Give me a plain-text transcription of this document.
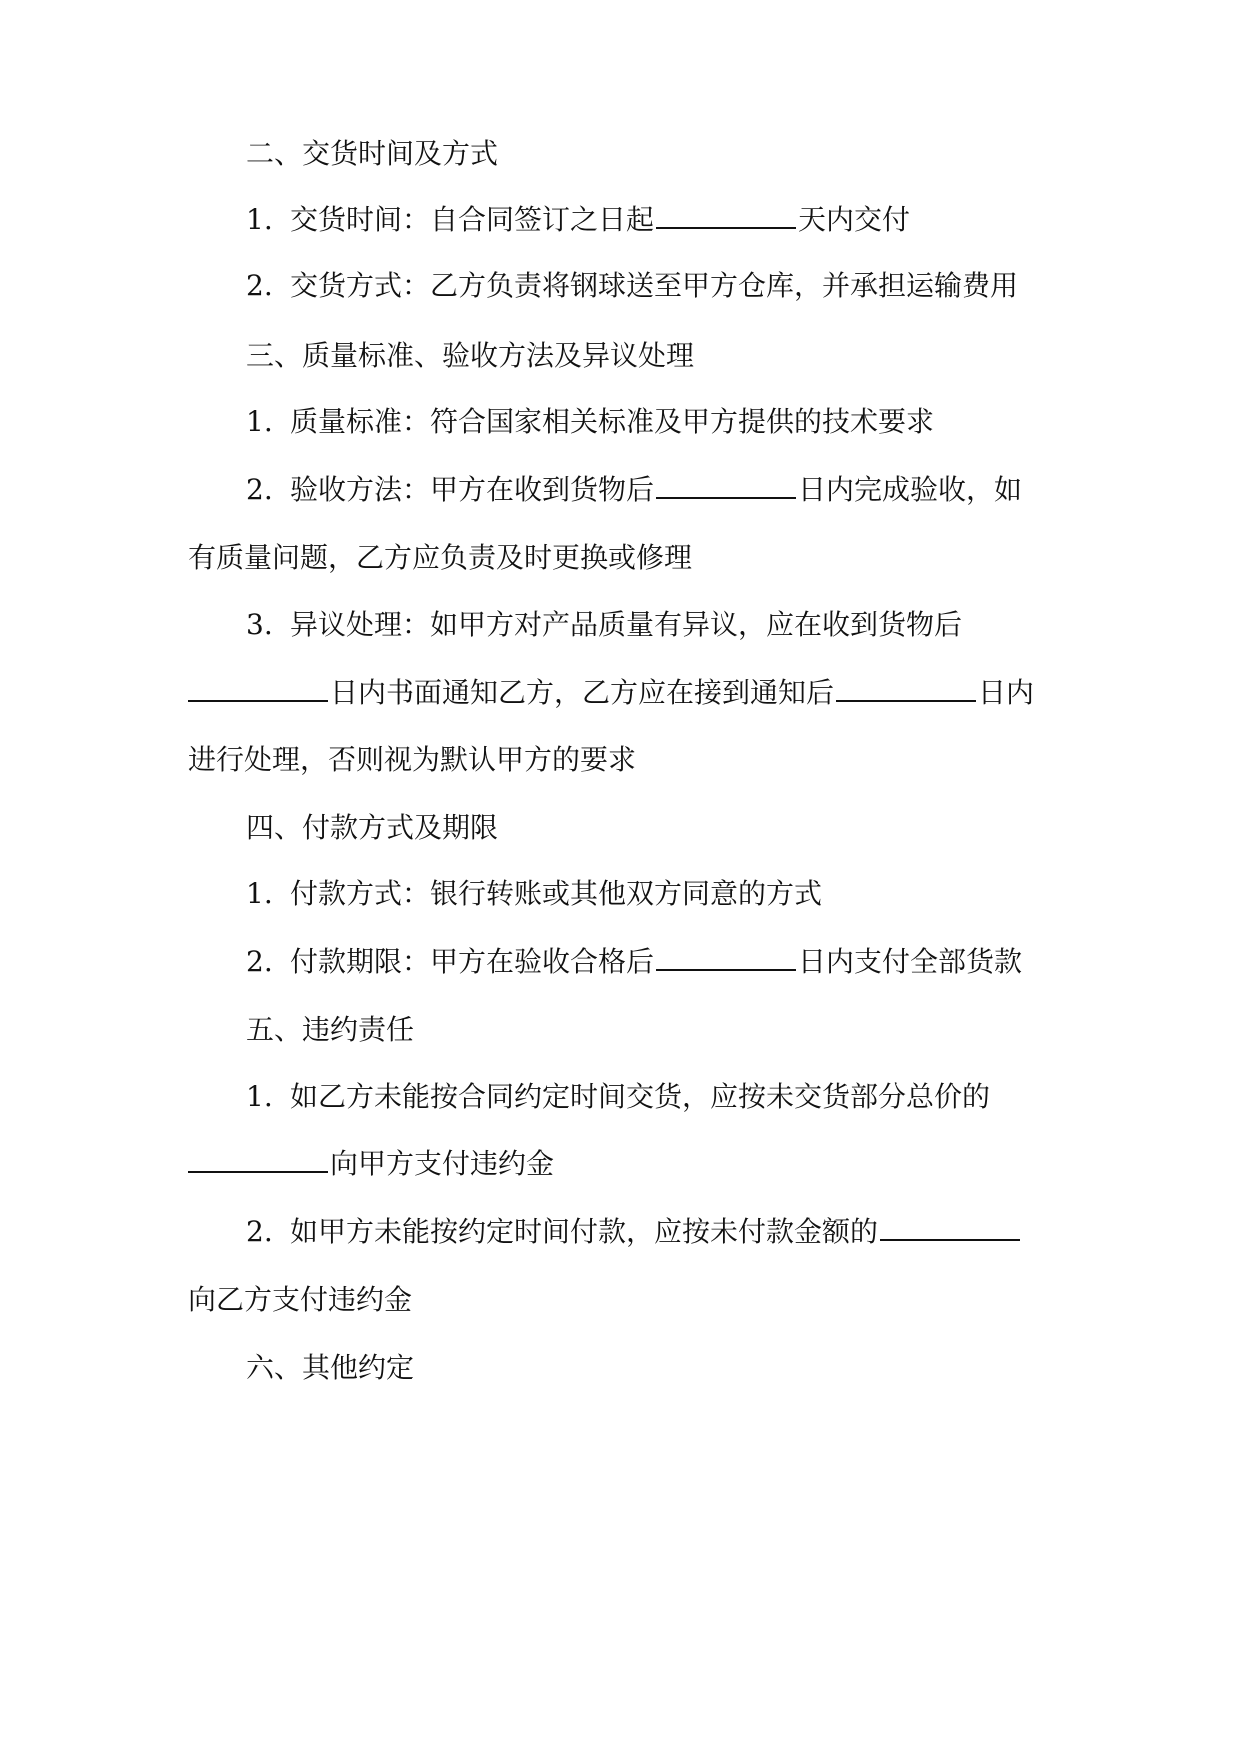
二、交货时间及方式
1. 交货时间：自合同签订之日起	天内交付
2. 交货方式：乙方负责将钢球送至甲方仓库，并承担运输费用
三、质量标准、验收方法及异议处理
1. 质量标准：符合国家相关标准及甲方提供的技术要求
2. 验收方法：甲方在收到货物后	日内完成验收，如
有质量问题，乙方应负责及时更换或修理
3. 异议处理：如甲方对产品质量有异议，应在收到货物后
日内书面通知乙方，乙方应在接到通知后	日内
进行处理，否则视为默认甲方的要求
四、付款方式及期限
1. 付款方式：银行转账或其他双方同意的方式
2. 付款期限：甲方在验收合格后	日内支付全部货款
五、违约责任
1. 如乙方未能按合同约定时间交货，应按未交货部分总价的
向甲方支付违约金
2. 如甲方未能按约定时间付款，应按未付款金额的
向乙方支付违约金
六、其他约定
